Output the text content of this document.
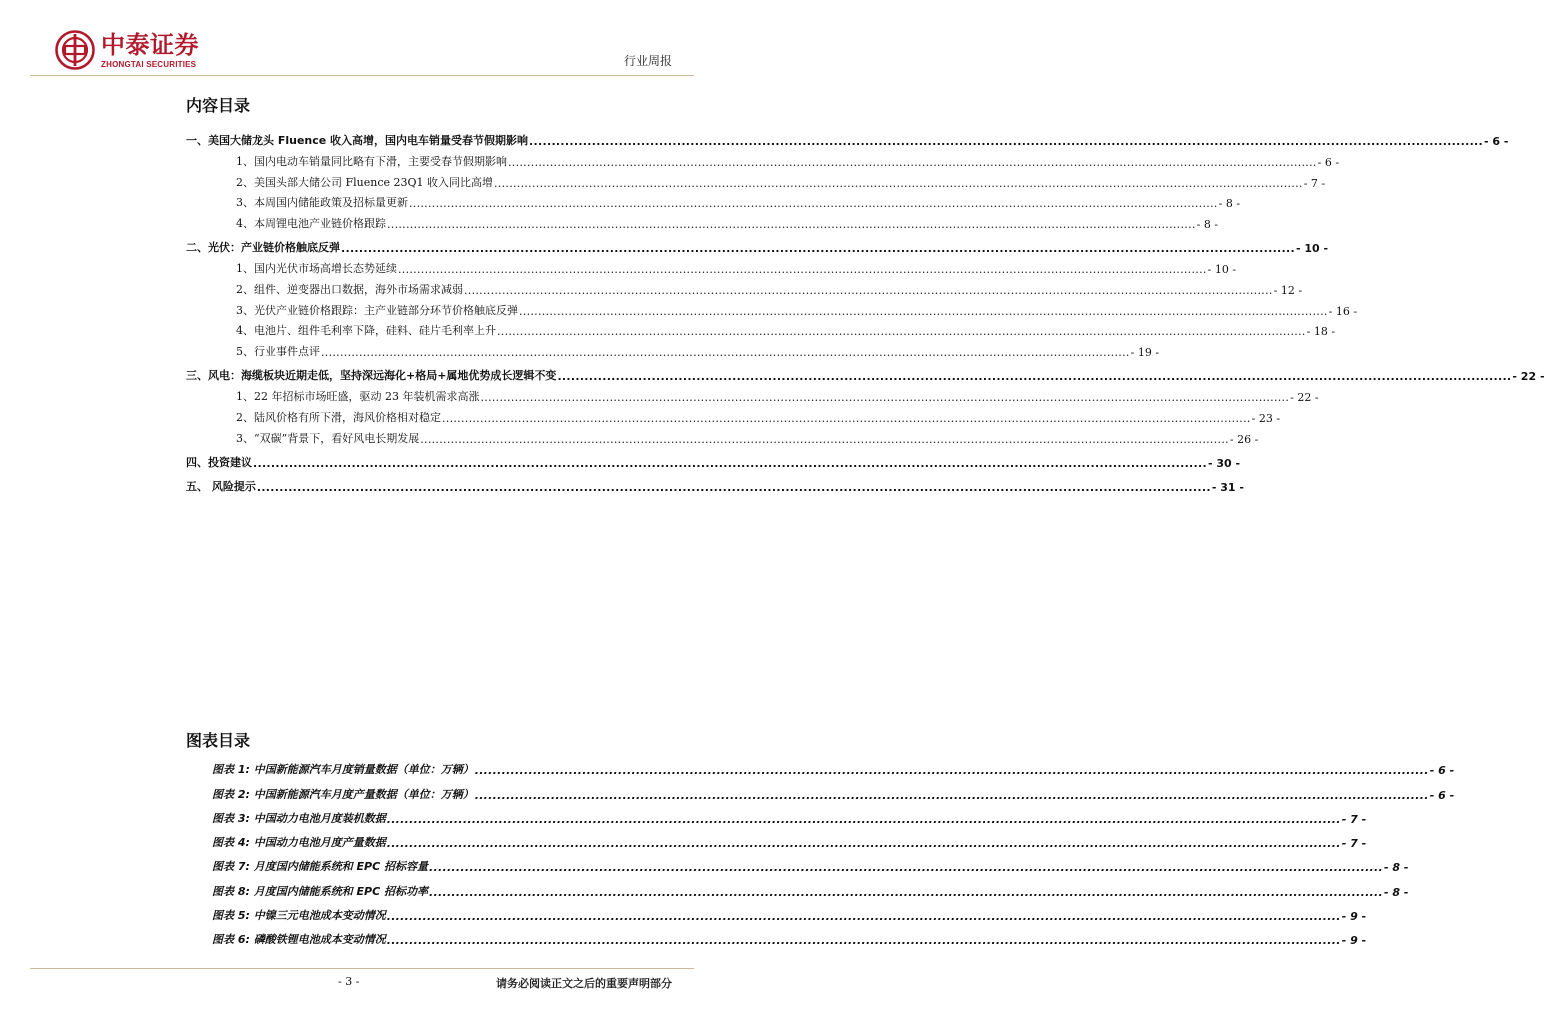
中泰证券
ZHONGTAI SECURITIES	行业周报
内容目录
一、美国大储龙头 Fluence 收入高增，国内电车销量受春节假期影响 .....	- 6 -
1、国内电动车销量同比略有下滑，主要受春节假期影响 .....	- 6 -
2、美国头部大储公司 Fluence 23Q1 收入同比高增 .....	- 7 -
3、本周国内储能政策及招标量更新 .....	- 8 -
4、本周锂电池产业链价格跟踪 .....	- 8 -
二、光伏：产业链价格触底反弹 .....	- 10 -
1、国内光伏市场高增长态势延续 .....	- 10 -
2、组件、逆变器出口数据，海外市场需求减弱 .....	- 12 -
3、光伏产业链价格跟踪：主产业链部分环节价格触底反弹 .....	- 16 -
4、电池片、组件毛利率下降，硅料、硅片毛利率上升 .....	- 18 -
5、行业事件点评 .....	- 19 -
三、风电：海缆板块近期走低，坚持深远海化+格局+属地优势成长逻辑不变 .....	- 22 -
1、22 年招标市场旺盛，驱动 23 年装机需求高涨 .....	- 22 -
2、陆风价格有所下滑，海风价格相对稳定 .....	- 23 -
3、“双碳”背景下，看好风电长期发展 .....	- 26 -
四、投资建议 .....	- 30 -
五、 风险提示 .....	- 31 -
图表目录
图表 1: 中国新能源汽车月度销量数据（单位：万辆） .....	- 6 -
图表 2: 中国新能源汽车月度产量数据（单位：万辆） .....	- 6 -
图表 3: 中国动力电池月度装机数据 .....	- 7 -
图表 4: 中国动力电池月度产量数据 .....	- 7 -
图表 7: 月度国内储能系统和 EPC 招标容量 .....	- 8 -
图表 8: 月度国内储能系统和 EPC 招标功率 .....	- 8 -
图表 5: 中镍三元电池成本变动情况 .....	- 9 -
图表 6: 磷酸铁锂电池成本变动情况 .....	- 9 -
- 3 -	请务必阅读正文之后的重要声明部分
